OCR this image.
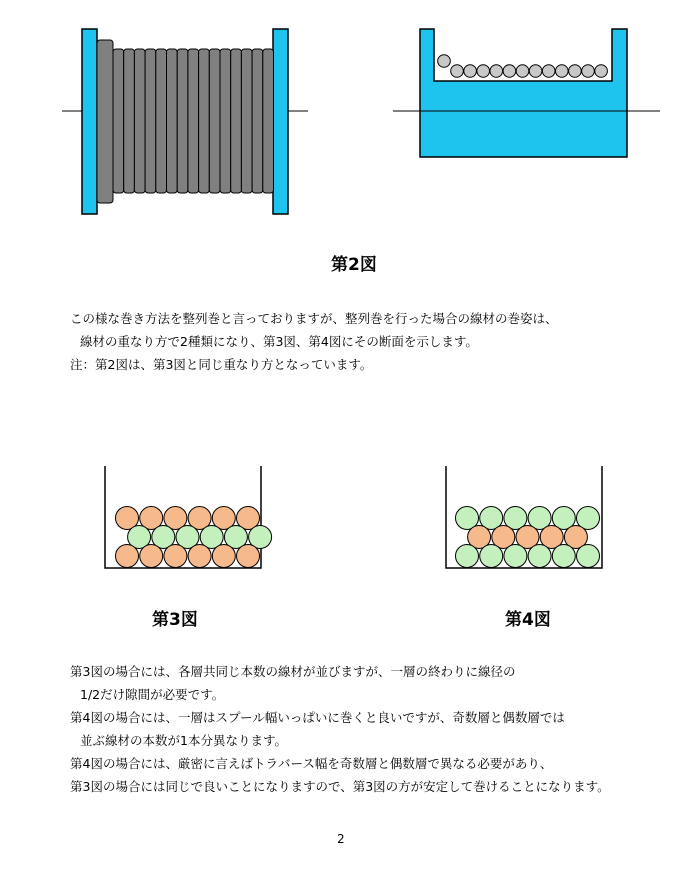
第2図
この様な巻き方法を整列巻と言っておりますが、整列巻を行った場合の線材の巻姿は、
線材の重なり方で2種類になり、第3図、第4図にその断面を示します。
注：第2図は、第3図と同じ重なり方となっています。
第3図	第4図
第3図の場合には、各層共同じ本数の線材が並びますが、一層の終わりに線径の
1/2だけ隙間が必要です。
第4図の場合には、一層はスプール幅いっぱいに巻くと良いですが、奇数層と偶数層では
並ぶ線材の本数が1本分異なります。
第4図の場合には、厳密に言えばトラバース幅を奇数層と偶数層で異なる必要があり、
第3図の場合には同じで良いことになりますので、第3図の方が安定して巻けることになります。
2
